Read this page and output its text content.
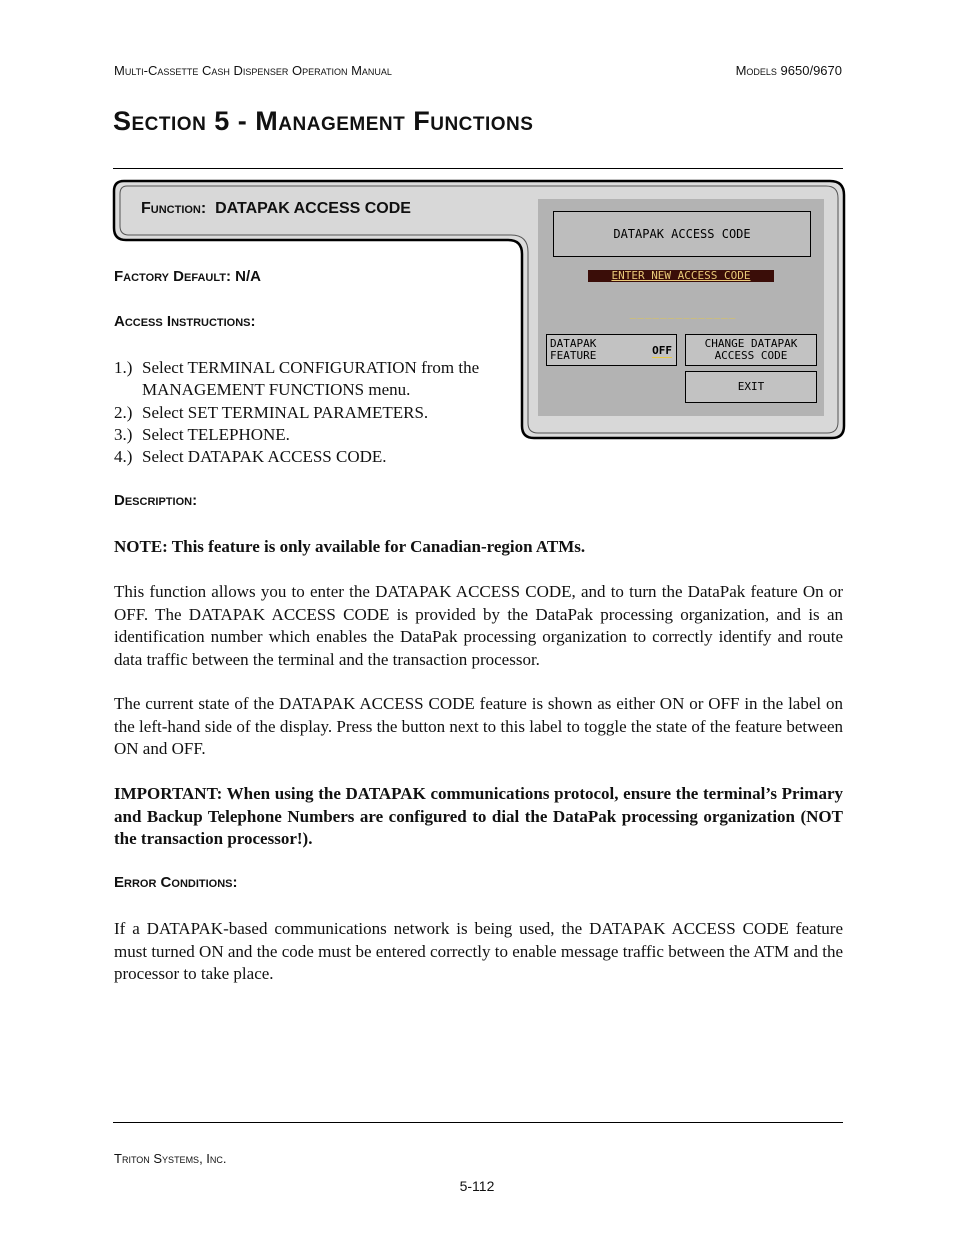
Multi-Cassette Cash Dispenser Operation Manual	Models 9650/9670
Section 5 - Management Functions
Function: DATAPAK ACCESS CODE
DATAPAK ACCESS CODE
ENTER NEW ACCESS CODE
______________
DATAPAK
FEATURE	OFF
CHANGE DATAPAK
ACCESS CODE
EXIT
Factory Default: N/A
Access Instructions:
1.) Select TERMINAL CONFIGURATION from the MANAGEMENT FUNCTIONS menu.
2.) Select SET TERMINAL PARAMETERS.
3.) Select TELEPHONE.
4.) Select DATAPAK ACCESS CODE.
Description:

NOTE: This feature is only available for Canadian-region ATMs.

This function allows you to enter the DATAPAK ACCESS CODE, and to turn the DataPak feature On or OFF. The DATAPAK ACCESS CODE is provided by the DataPak processing organization, and is an identification number which enables the DataPak processing organization to correctly identify and route data traffic between the terminal and the transaction processor.

The current state of the DATAPAK ACCESS CODE feature is shown as either ON or OFF in the label on the left-hand side of the display. Press the button next to this label to toggle the state of the feature between ON and OFF.

IMPORTANT: When using the DATAPAK communications protocol, ensure the terminal’s Primary and Backup Telephone Numbers are configured to dial the DataPak processing organization (NOT the transaction processor!).

Error Conditions:

If a DATAPAK-based communications network is being used, the DATAPAK ACCESS CODE feature must turned ON and the code must be entered correctly to enable message traffic between the ATM and the processor to take place.

Triton Systems, Inc.
5-112
